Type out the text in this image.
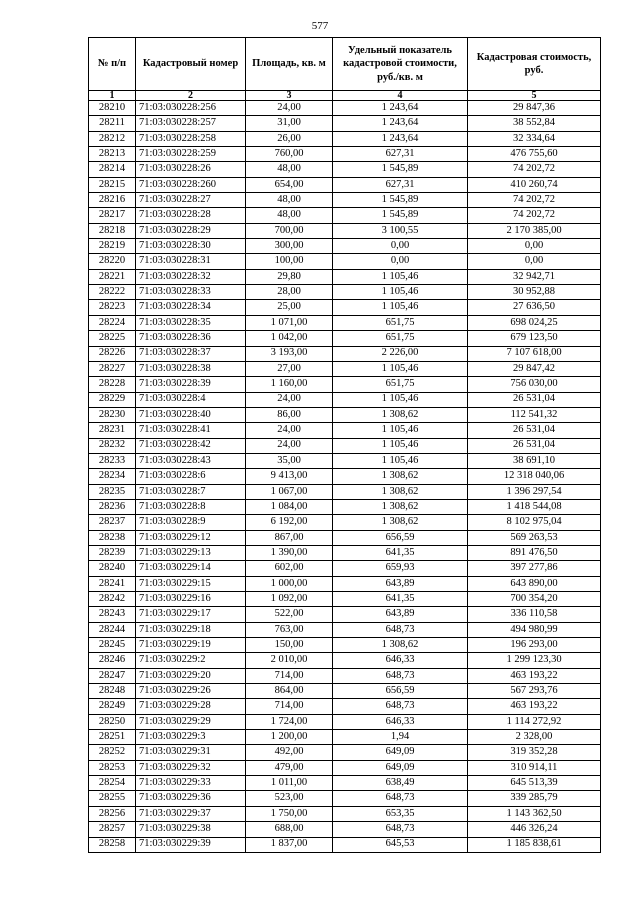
577
№ п/п	Кадастровый номер	Площадь, кв. м	Удельный показатель кадастровой стоимости, руб./кв. м	Кадастровая стоимость, руб.
1	2	3	4	5
28210	71:03:030228:256	24,00	1 243,64	29 847,36
28211	71:03:030228:257	31,00	1 243,64	38 552,84
28212	71:03:030228:258	26,00	1 243,64	32 334,64
28213	71:03:030228:259	760,00	627,31	476 755,60
28214	71:03:030228:26	48,00	1 545,89	74 202,72
28215	71:03:030228:260	654,00	627,31	410 260,74
28216	71:03:030228:27	48,00	1 545,89	74 202,72
28217	71:03:030228:28	48,00	1 545,89	74 202,72
28218	71:03:030228:29	700,00	3 100,55	2 170 385,00
28219	71:03:030228:30	300,00	0,00	0,00
28220	71:03:030228:31	100,00	0,00	0,00
28221	71:03:030228:32	29,80	1 105,46	32 942,71
28222	71:03:030228:33	28,00	1 105,46	30 952,88
28223	71:03:030228:34	25,00	1 105,46	27 636,50
28224	71:03:030228:35	1 071,00	651,75	698 024,25
28225	71:03:030228:36	1 042,00	651,75	679 123,50
28226	71:03:030228:37	3 193,00	2 226,00	7 107 618,00
28227	71:03:030228:38	27,00	1 105,46	29 847,42
28228	71:03:030228:39	1 160,00	651,75	756 030,00
28229	71:03:030228:4	24,00	1 105,46	26 531,04
28230	71:03:030228:40	86,00	1 308,62	112 541,32
28231	71:03:030228:41	24,00	1 105,46	26 531,04
28232	71:03:030228:42	24,00	1 105,46	26 531,04
28233	71:03:030228:43	35,00	1 105,46	38 691,10
28234	71:03:030228:6	9 413,00	1 308,62	12 318 040,06
28235	71:03:030228:7	1 067,00	1 308,62	1 396 297,54
28236	71:03:030228:8	1 084,00	1 308,62	1 418 544,08
28237	71:03:030228:9	6 192,00	1 308,62	8 102 975,04
28238	71:03:030229:12	867,00	656,59	569 263,53
28239	71:03:030229:13	1 390,00	641,35	891 476,50
28240	71:03:030229:14	602,00	659,93	397 277,86
28241	71:03:030229:15	1 000,00	643,89	643 890,00
28242	71:03:030229:16	1 092,00	641,35	700 354,20
28243	71:03:030229:17	522,00	643,89	336 110,58
28244	71:03:030229:18	763,00	648,73	494 980,99
28245	71:03:030229:19	150,00	1 308,62	196 293,00
28246	71:03:030229:2	2 010,00	646,33	1 299 123,30
28247	71:03:030229:20	714,00	648,73	463 193,22
28248	71:03:030229:26	864,00	656,59	567 293,76
28249	71:03:030229:28	714,00	648,73	463 193,22
28250	71:03:030229:29	1 724,00	646,33	1 114 272,92
28251	71:03:030229:3	1 200,00	1,94	2 328,00
28252	71:03:030229:31	492,00	649,09	319 352,28
28253	71:03:030229:32	479,00	649,09	310 914,11
28254	71:03:030229:33	1 011,00	638,49	645 513,39
28255	71:03:030229:36	523,00	648,73	339 285,79
28256	71:03:030229:37	1 750,00	653,35	1 143 362,50
28257	71:03:030229:38	688,00	648,73	446 326,24
28258	71:03:030229:39	1 837,00	645,53	1 185 838,61
